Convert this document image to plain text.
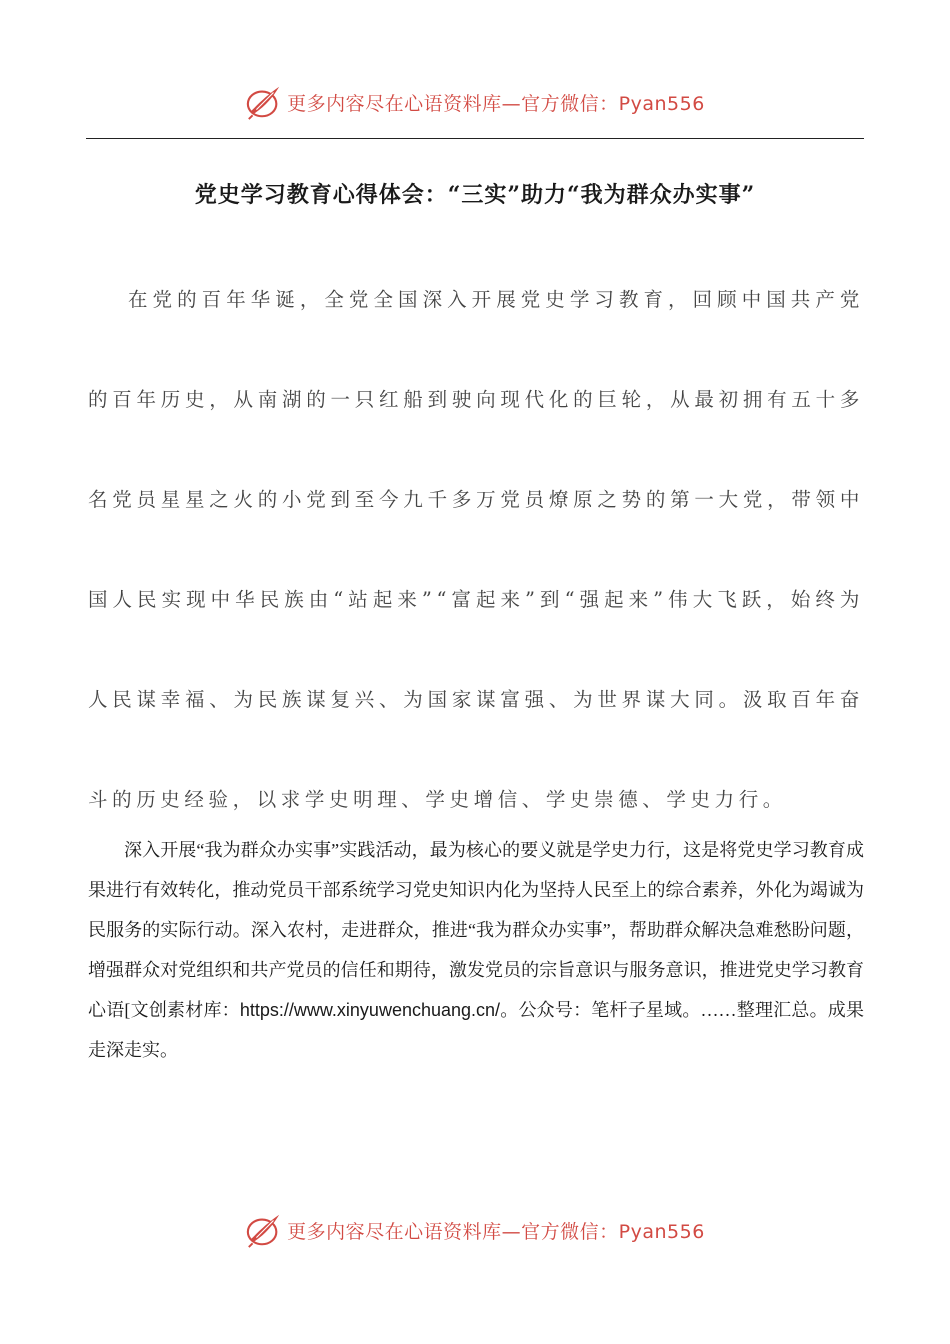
更多内容尽在心语资料库—官方微信：Pyan556
党史学习教育心得体会：“三实”助力“我为群众办实事”
在党的百年华诞，全党全国深入开展党史学习教育，回顾中国共产党的百年历史，从南湖的一只红船到驶向现代化的巨轮，从最初拥有五十多名党员星星之火的小党到至今九千多万党员燎原之势的第一大党，带领中国人民实现中华民族由“站起来”“富起来”到“强起来”伟大飞跃，始终为人民谋幸福、为民族谋复兴、为国家谋富强、为世界谋大同。汲取百年奋斗的历史经验，以求学史明理、学史增信、学史崇德、学史力行。
深入开展“我为群众办实事”实践活动，最为核心的要义就是学史力行，这是将党史学习教育成果进行有效转化，推动党员干部系统学习党史知识内化为坚持人民至上的综合素养，外化为竭诚为民服务的实际行动。深入农村，走进群众，推进“我为群众办实事”，帮助群众解决急难愁盼问题，增强群众对党组织和共产党员的信任和期待，激发党员的宗旨意识与服务意识，推进党史学习教育心语[文创素材库：https://www.xinyuwenchuang.cn/。公众号：笔杆子星域。……整理汇总。成果走深走实。
更多内容尽在心语资料库—官方微信：Pyan556
